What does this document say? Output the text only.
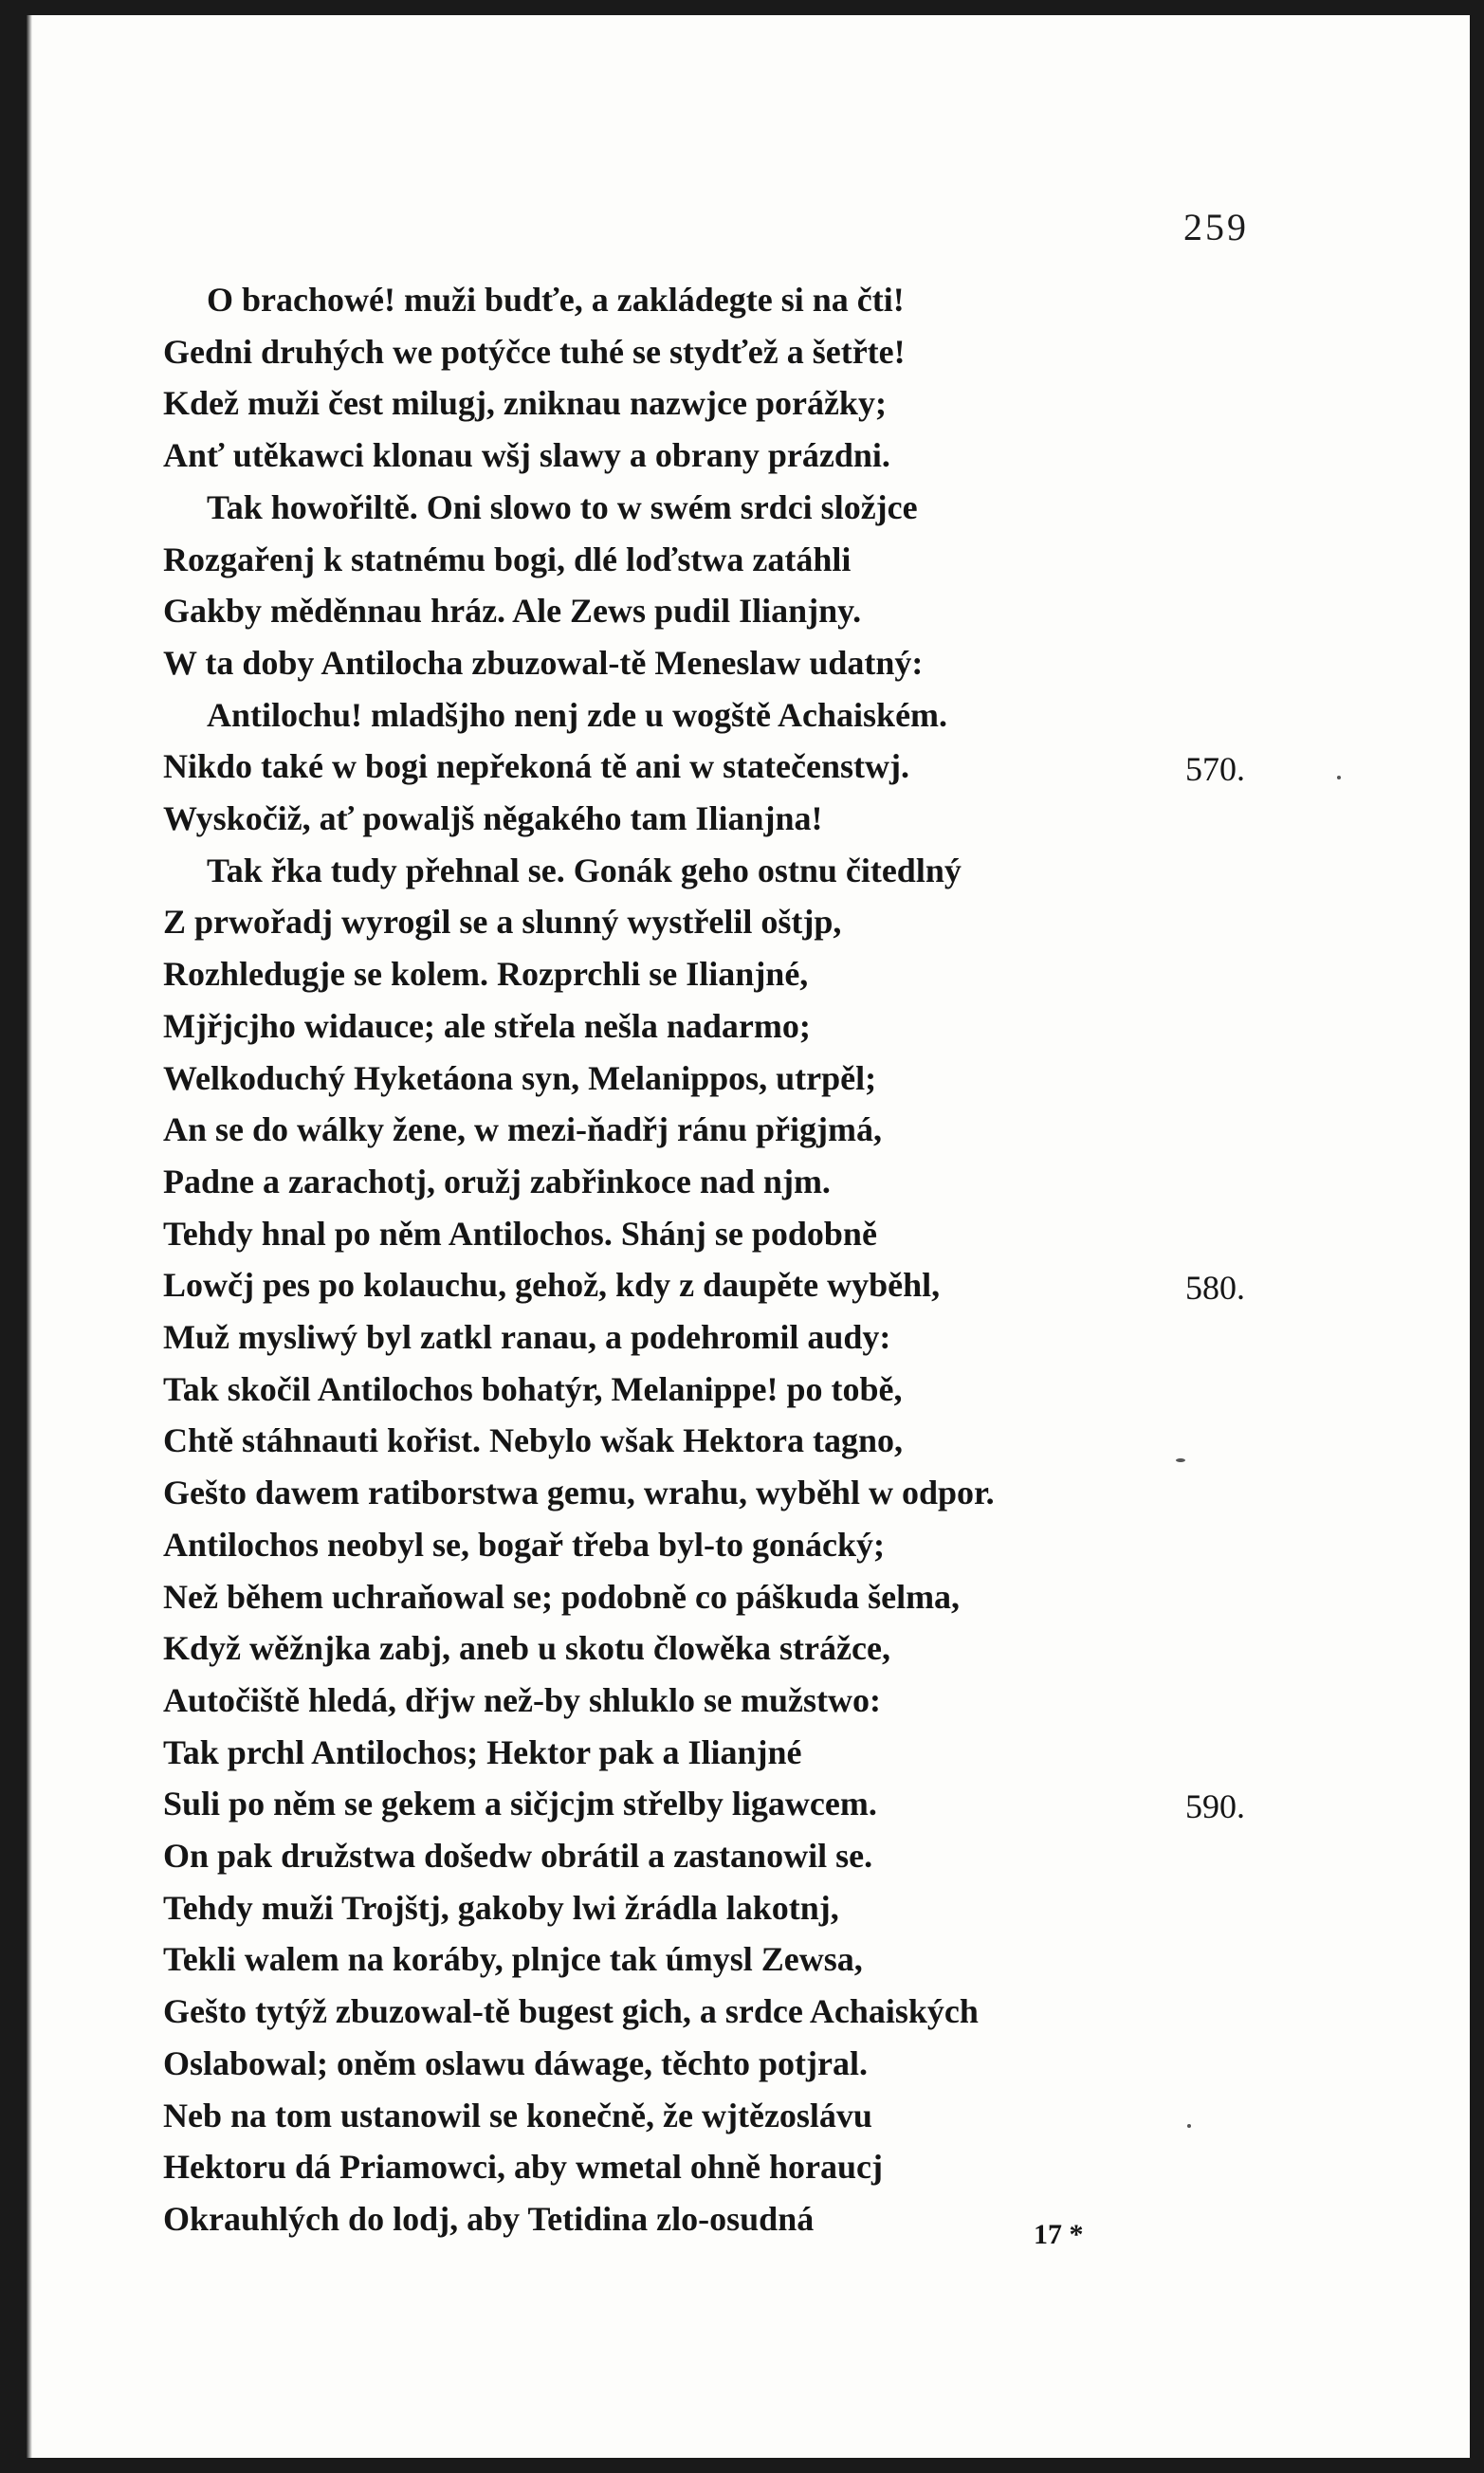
259
O brachowé! muži budťe, a zakládegte si na čti!
Gedni druhých we potýčce tuhé se stydťež a šetřte!
Kdež muži čest milugj, zniknau nazwjce porážky;
Anť utěkawci klonau wšj slawy a obrany prázdni.
Tak howořiltě. Oni slowo to w swém srdci složjce
Rozgařenj k statnému bogi, dlé loďstwa zatáhli
Gakby měděnnau hráz. Ale Zews pudil Ilianjny.
W ta doby Antilocha zbuzowal-tě Meneslaw udatný:
Antilochu! mladšjho nenj zde u wogště Achaiském.
Nikdo také w bogi nepřekoná tě ani w statečenstwj.
Wyskočiž, ať powaljš něgakého tam Ilianjna!
Tak řka tudy přehnal se. Gonák geho ostnu čitedlný
Z prwořadj wyrogil se a slunný wystřelil oštjp,
Rozhledugje se kolem. Rozprchli se Ilianjné,
Mjřjcjho widauce; ale střela nešla nadarmo;
Welkoduchý Hyketáona syn, Melanippos, utrpěl;
An se do wálky žene, w mezi-ňadřj ránu přigjmá,
Padne a zarachotj, oružj zabřinkoce nad njm.
Tehdy hnal po něm Antilochos. Shánj se podobně
Lowčj pes po kolauchu, gehož, kdy z daupěte wyběhl,
Muž mysliwý byl zatkl ranau, a podehromil audy:
Tak skočil Antilochos bohatýr, Melanippe! po tobě,
Chtě stáhnauti kořist. Nebylo wšak Hektora tagno,
Gešto dawem ratiborstwa gemu, wrahu, wyběhl w odpor.
Antilochos neobyl se, bogař třeba byl-to gonácký;
Než během uchraňowal se; podobně co páškuda šelma,
Když wěžnjka zabj, aneb u skotu člowěka strážce,
Autočiště hledá, dřjw než-by shluklo se mužstwo:
Tak prchl Antilochos; Hektor pak a Ilianjné
Suli po něm se gekem a sičjcjm střelby ligawcem.
On pak družstwa došedw obrátil a zastanowil se.
Tehdy muži Trojštj, gakoby lwi žrádla lakotnj,
Tekli walem na koráby, plnjce tak úmysl Zewsa,
Gešto tytýž zbuzowal-tě bugest gich, a srdce Achaiských
Oslabowal; oněm oslawu dáwage, těchto potjral.
Neb na tom ustanowil se konečně, že wjtězoslávu
Hektoru dá Priamowci, aby wmetal ohně horaucj
Okrauhlých do lodj, aby Tetidina zlo-osudná
570.
580.
590.
17 *
